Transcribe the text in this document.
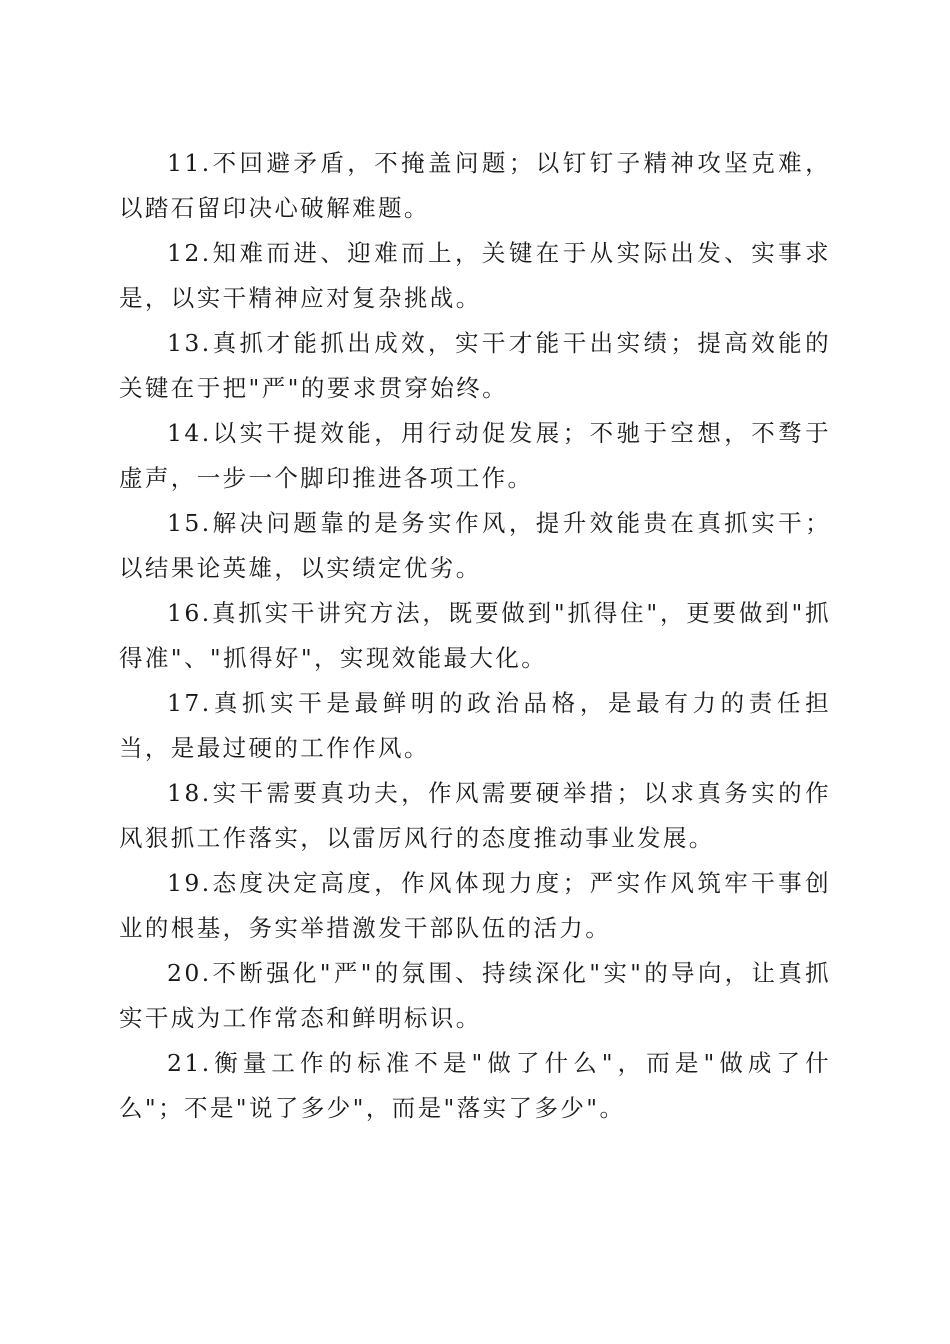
11.不回避矛盾，不掩盖问题；以钉钉子精神攻坚克难，以踏石留印决心破解难题。

12.知难而进、迎难而上，关键在于从实际出发、实事求是，以实干精神应对复杂挑战。

13.真抓才能抓出成效，实干才能干出实绩；提高效能的关键在于把"严"的要求贯穿始终。

14.以实干提效能，用行动促发展；不驰于空想，不骛于虚声，一步一个脚印推进各项工作。

15.解决问题靠的是务实作风，提升效能贵在真抓实干；以结果论英雄，以实绩定优劣。

16.真抓实干讲究方法，既要做到"抓得住"，更要做到"抓得准"、"抓得好"，实现效能最大化。

17.真抓实干是最鲜明的政治品格，是最有力的责任担当，是最过硬的工作作风。

18.实干需要真功夫，作风需要硬举措；以求真务实的作风狠抓工作落实，以雷厉风行的态度推动事业发展。

19.态度决定高度，作风体现力度；严实作风筑牢干事创业的根基，务实举措激发干部队伍的活力。

20.不断强化"严"的氛围、持续深化"实"的导向，让真抓实干成为工作常态和鲜明标识。

21.衡量工作的标准不是"做了什么"，而是"做成了什么"；不是"说了多少"，而是"落实了多少"。
